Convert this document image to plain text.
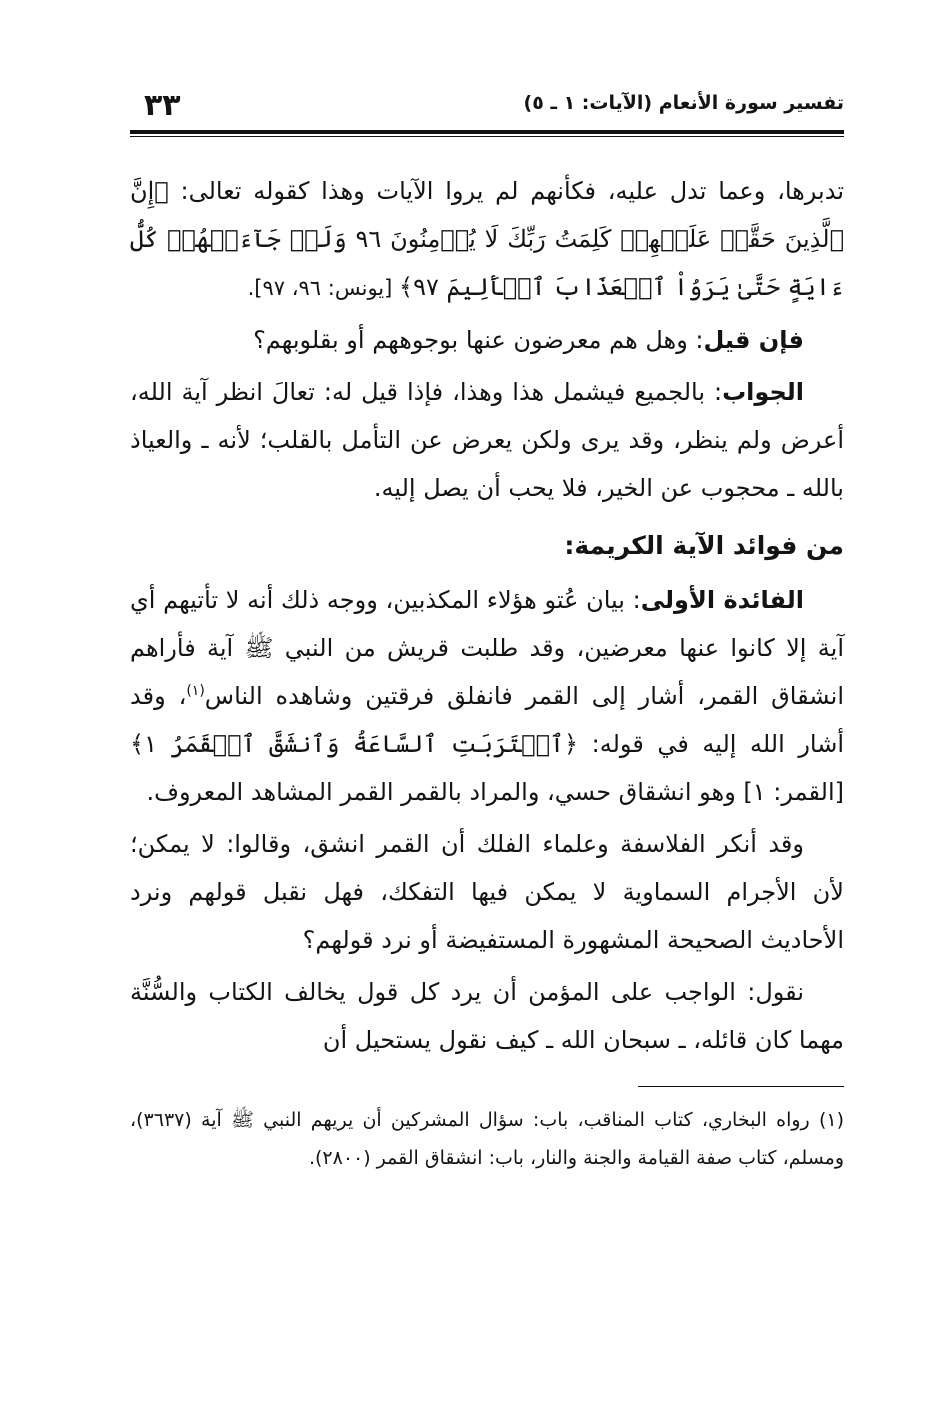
تفسير سورة الأنعام (الآيات: ١ ـ ٥)
٣٣

تدبرها، وعما تدل عليه، فكأنهم لم يروا الآيات وهذا كقوله تعالى: ﴿إِنَّ ٱلَّذِينَ حَقَّتۡ عَلَيۡهِمۡ كَلِمَتُ رَبِّكَ لَا يُؤۡمِنُونَ ٩٦ وَلَوۡ جَآءَتۡهُمۡ كُلُّ ءَايَةٍ حَتَّىٰ يَرَوُاْ ٱلۡعَذَابَ ٱلۡأَلِيمَ ٩٧﴾ [يونس: ٩٦، ٩٧].

فإن قيل: وهل هم معرضون عنها بوجوههم أو بقلوبهم؟

الجواب: بالجميع فيشمل هذا وهذا، فإذا قيل له: تعالَ انظر آية الله، أعرض ولم ينظر، وقد يرى ولكن يعرض عن التأمل بالقلب؛ لأنه ـ والعياذ بالله ـ محجوب عن الخير، فلا يحب أن يصل إليه.

من فوائد الآية الكريمة:

الفائدة الأولى: بيان عُتو هؤلاء المكذبين، ووجه ذلك أنه لا تأتيهم أي آية إلا كانوا عنها معرضين، وقد طلبت قريش من النبي ﷺ آية فأراهم انشقاق القمر، أشار إلى القمر فانفلق فرقتين وشاهده الناس$^{(١)}$، وقد أشار الله إليه في قوله: ﴿ٱقۡتَرَبَتِ ٱلسَّاعَةُ وَٱنشَقَّ ٱلۡقَمَرُ ١﴾ [القمر: ١] وهو انشقاق حسي، والمراد بالقمر القمر المشاهد المعروف.

وقد أنكر الفلاسفة وعلماء الفلك أن القمر انشق، وقالوا: لا يمكن؛ لأن الأجرام السماوية لا يمكن فيها التفكك، فهل نقبل قولهم ونرد الأحاديث الصحيحة المشهورة المستفيضة أو نرد قولهم؟

نقول: الواجب على المؤمن أن يرد كل قول يخالف الكتاب والسُّنَّة مهما كان قائله، ـ سبحان الله ـ كيف نقول يستحيل أن

(١) رواه البخاري، كتاب المناقب، باب: سؤال المشركين أن يريهم النبي ﷺ آية (٣٦٣٧)، ومسلم، كتاب صفة القيامة والجنة والنار، باب: انشقاق القمر (٢٨٠٠).
